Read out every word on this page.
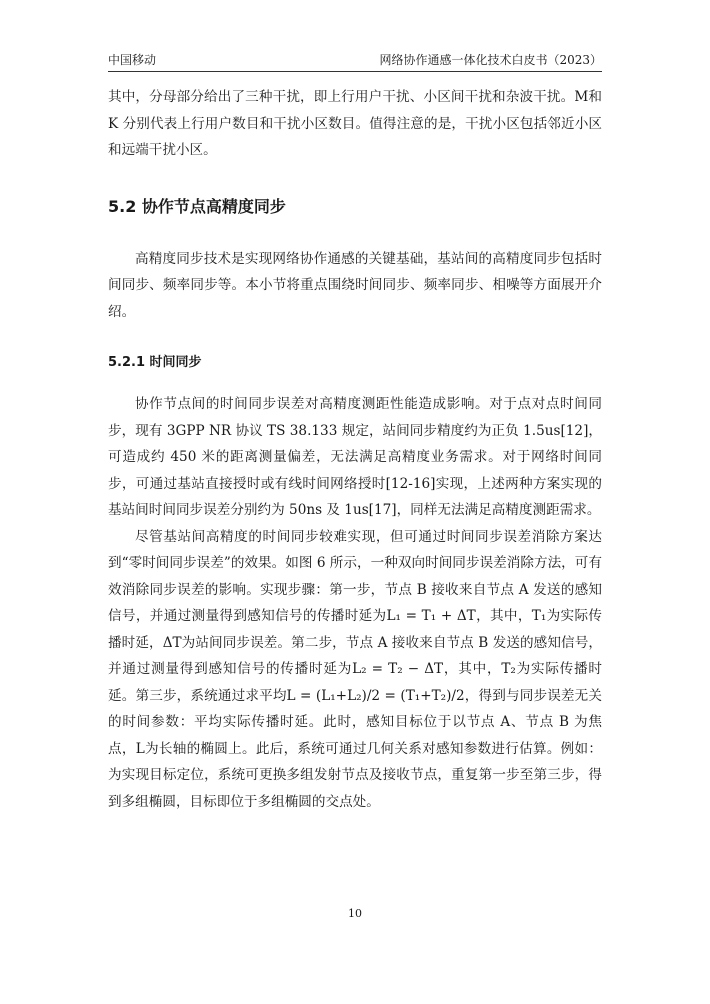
中国移动	网络协作通感一体化技术白皮书（2023）

其中，分母部分给出了三种干扰，即上行用户干扰、小区间干扰和杂波干扰。M和 K 分别代表上行用户数目和干扰小区数目。值得注意的是，干扰小区包括邻近小区和远端干扰小区。

5.2 协作节点高精度同步

高精度同步技术是实现网络协作通感的关键基础，基站间的高精度同步包括时间同步、频率同步等。本小节将重点围绕时间同步、频率同步、相噪等方面展开介绍。

5.2.1 时间同步

协作节点间的时间同步误差对高精度测距性能造成影响。对于点对点时间同步，现有 3GPP NR 协议 TS 38.133 规定，站间同步精度约为正负 1.5us[12]，可造成约 450 米的距离测量偏差，无法满足高精度业务需求。对于网络时间同步，可通过基站直接授时或有线时间网络授时[12-16]实现，上述两种方案实现的基站间时间同步误差分别约为 50ns 及 1us[17]，同样无法满足高精度测距需求。

尽管基站间高精度的时间同步较难实现，但可通过时间同步误差消除方案达到“零时间同步误差”的效果。如图 6 所示，一种双向时间同步误差消除方法，可有效消除同步误差的影响。实现步骤：第一步，节点 B 接收来自节点 A 发送的感知信号，并通过测量得到感知信号的传播时延为L₁ = T₁ + ΔT，其中，T₁为实际传播时延，ΔT为站间同步误差。第二步，节点 A 接收来自节点 B 发送的感知信号，并通过测量得到感知信号的传播时延为L₂ = T₂ − ΔT，其中，T₂为实际传播时延。第三步，系统通过求平均L = (L₁+L₂)/2 = (T₁+T₂)/2，得到与同步误差无关的时间参数：平均实际传播时延。此时，感知目标位于以节点 A、节点 B 为焦点，L为长轴的椭圆上。此后，系统可通过几何关系对感知参数进行估算。例如：为实现目标定位，系统可更换多组发射节点及接收节点，重复第一步至第三步，得到多组椭圆，目标即位于多组椭圆的交点处。

10
